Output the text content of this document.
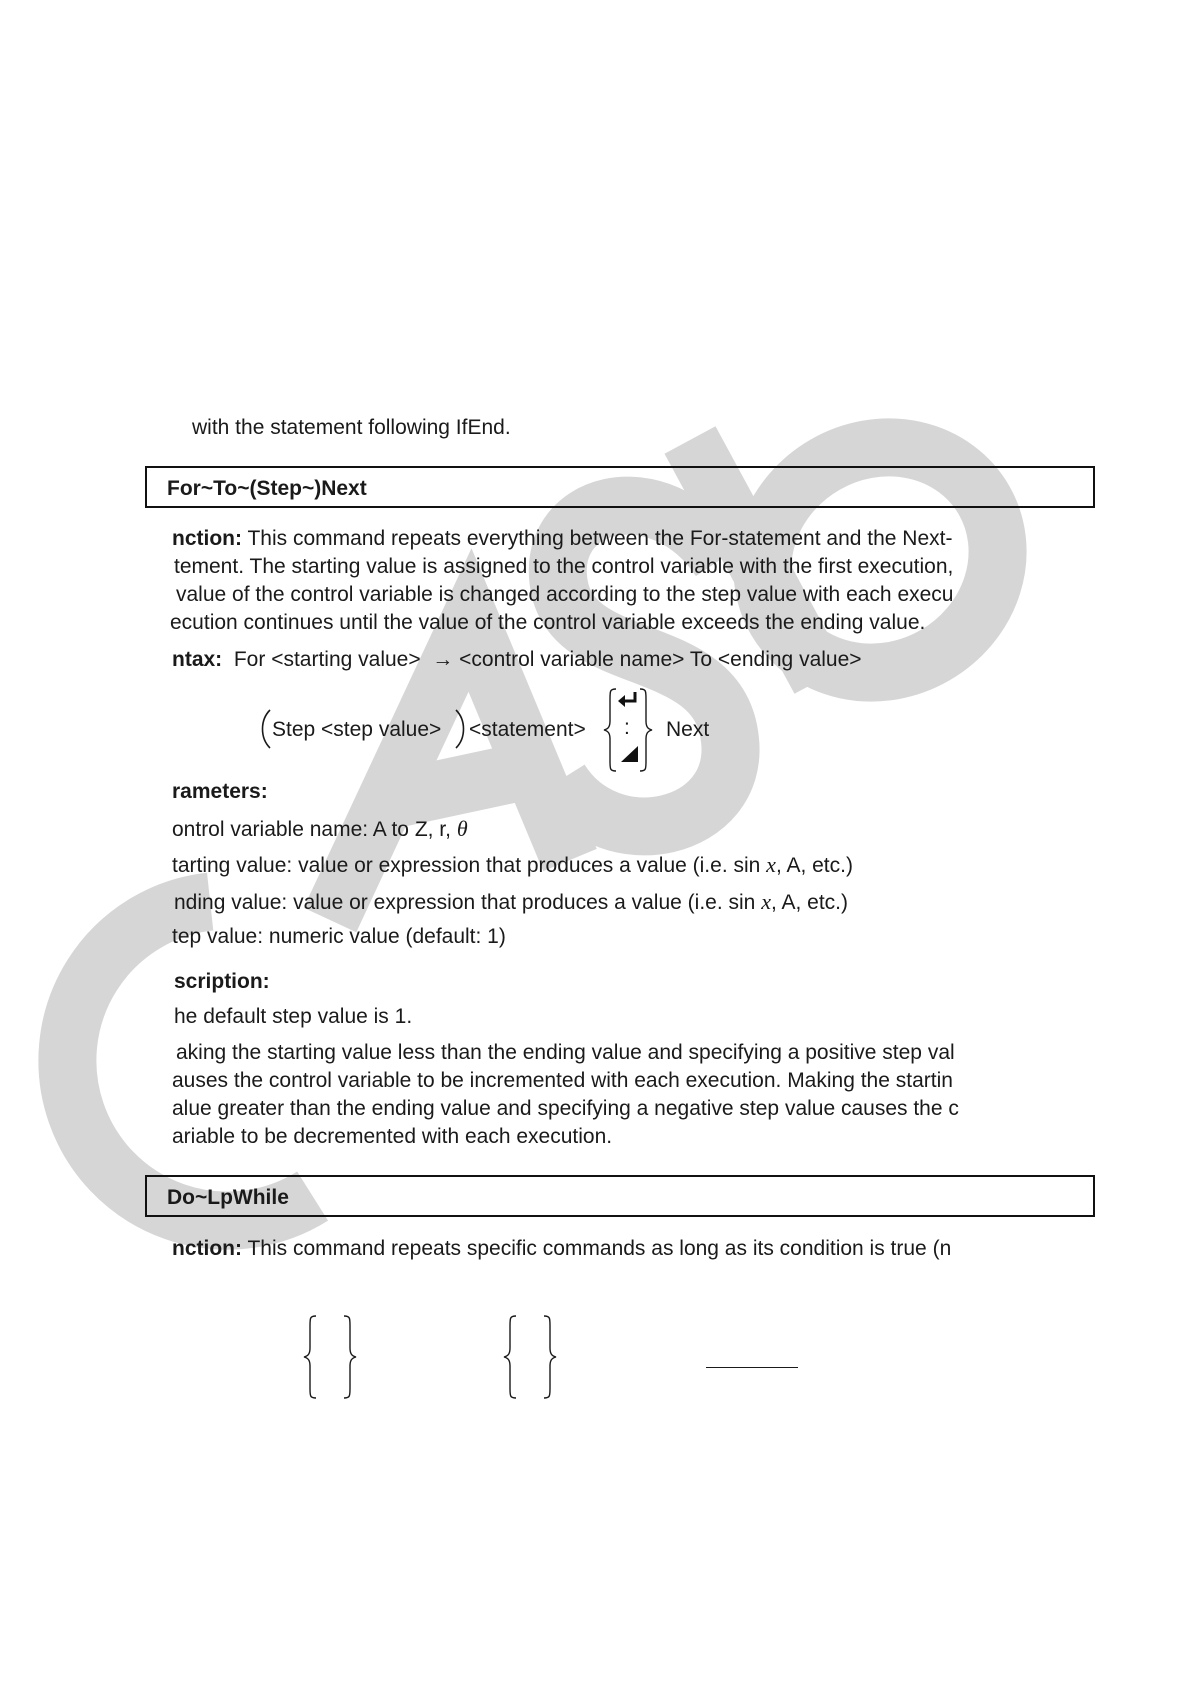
with the statement following IfEnd.
For~To~(Step~)Next
nction: This command repeats everything between the For-statement and the Next-
tement. The starting value is assigned to the control variable with the first execution,
value of the control variable is changed according to the step value with each execu
ecution continues until the value of the control variable exceeds the ending value.
ntax: For <starting value> → <control variable name> To <ending value>
Step <step value> <statement> : Next
rameters:
ontrol variable name: A to Z, r, θ
tarting value: value or expression that produces a value (i.e. sin x, A, etc.)
nding value: value or expression that produces a value (i.e. sin x, A, etc.)
tep value: numeric value (default: 1)
scription:
he default step value is 1.
aking the starting value less than the ending value and specifying a positive step val
auses the control variable to be incremented with each execution. Making the startin
alue greater than the ending value and specifying a negative step value causes the c
ariable to be decremented with each execution.
Do~LpWhile
nction: This command repeats specific commands as long as its condition is true (n
